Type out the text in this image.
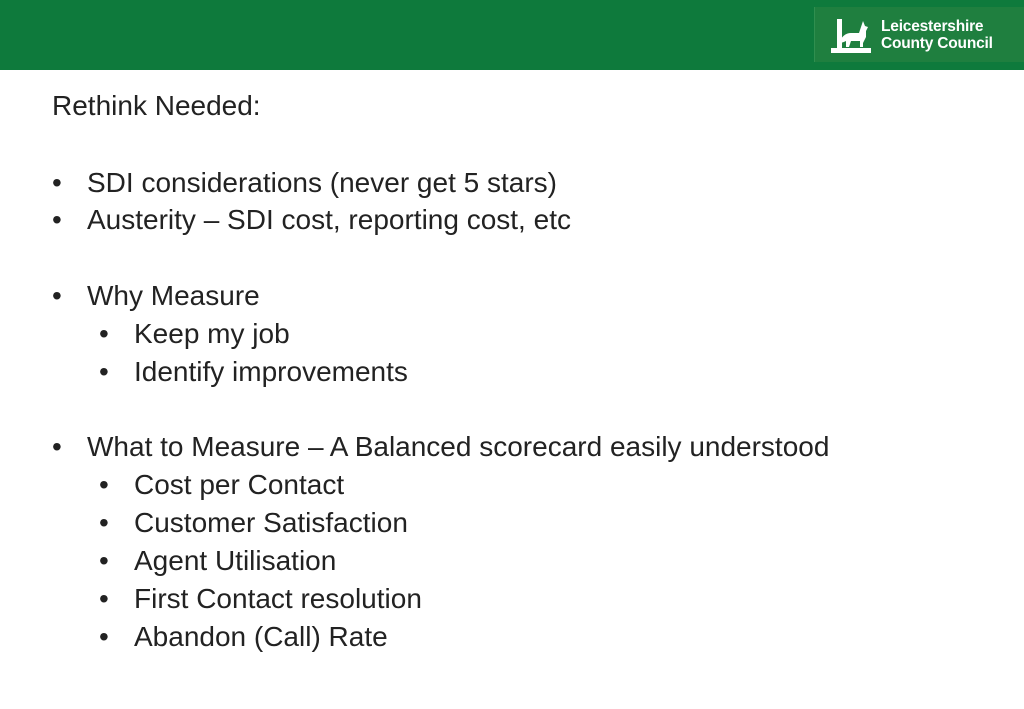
Leicestershire
County Council
Rethink Needed:
• SDI considerations (never get 5 stars)
• Austerity – SDI cost, reporting cost, etc
• Why Measure
• Keep my job
• Identify improvements
• What to Measure – A Balanced scorecard easily understood
• Cost per Contact
• Customer Satisfaction
• Agent Utilisation
• First Contact resolution
• Abandon (Call) Rate
